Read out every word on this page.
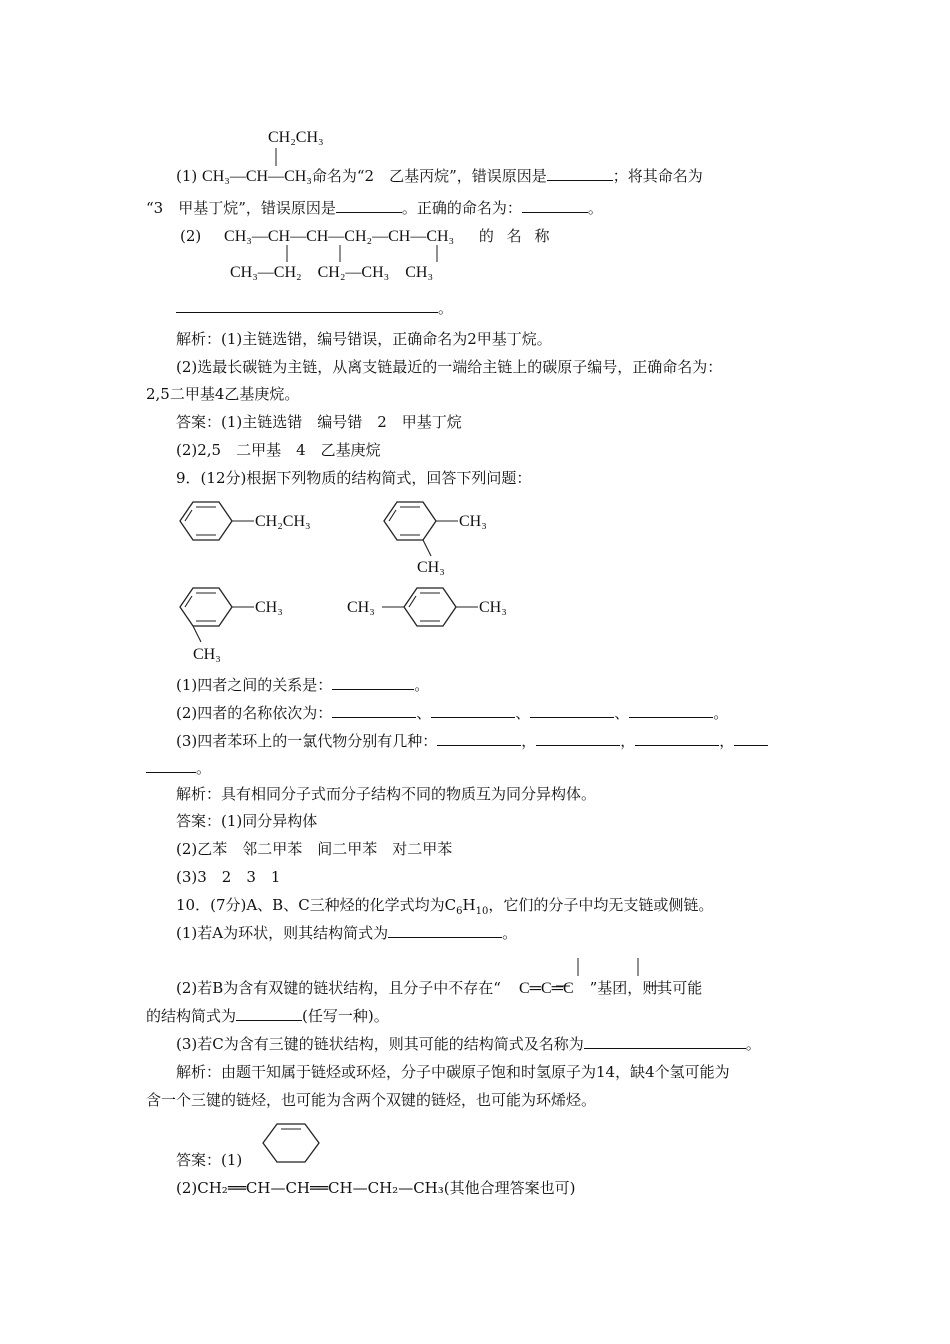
CH₂CH₃
(1) CH₃—CH—CH₃命名为“2　乙基丙烷”，错误原因是	；将其命名为
“3　甲基丁烷”，错误原因是	。正确的命名为：	。
(2) CH₃—CH—CH—CH₂—CH—CH₃ 的 名 称
CH₃—CH₂ CH₂—CH₃ CH₃
。
解析：(1)主链选错，编号错误，正确命名为2甲基丁烷。
(2)选最长碳链为主链，从离支链最近的一端给主链上的碳原子编号，正确命名为：
2,5二甲基4乙基庚烷。
答案：(1)主链选错　编号错　2　甲基丁烷
(2)2,5　二甲基　4　乙基庚烷
9．(12分)根据下列物质的结构简式，回答下列问题：
CH₂CH₃	CH₃
CH₃
CH₃
CH₃
CH₃	CH₃
(1)四者之间的关系是：	。
(2)四者的名称依次为：	、	、	、	。
(3)四者苯环上的一氯代物分别有几种：	，	，	，
。
解析：具有相同分子式而分子结构不同的物质互为同分异构体。
答案：(1)同分异构体
(2)乙苯　邻二甲苯　间二甲苯　对二甲苯
(3)3　2　3　1
10．(7分)A、B、C三种烃的化学式均为$C_6H_{10}$，它们的分子中均无支链或侧链。
(1)若A为环状，则其结构简式为	。
(2)若B为含有双键的链状结构，且分子中不存在“ C═C═C ”基团，则其可能
的结构简式为	(任写一种)。
(3)若C为含有三键的链状结构，则其可能的结构简式及名称为	。
解析：由题干知属于链烃或环烃，分子中碳原子饱和时氢原子为14，缺4个氢可能为
含一个三键的链烃，也可能为含两个双键的链烃，也可能为环烯烃。
答案：(1)
(2)CH₂══CH—CH══CH—CH₂—CH₃(其他合理答案也可)
